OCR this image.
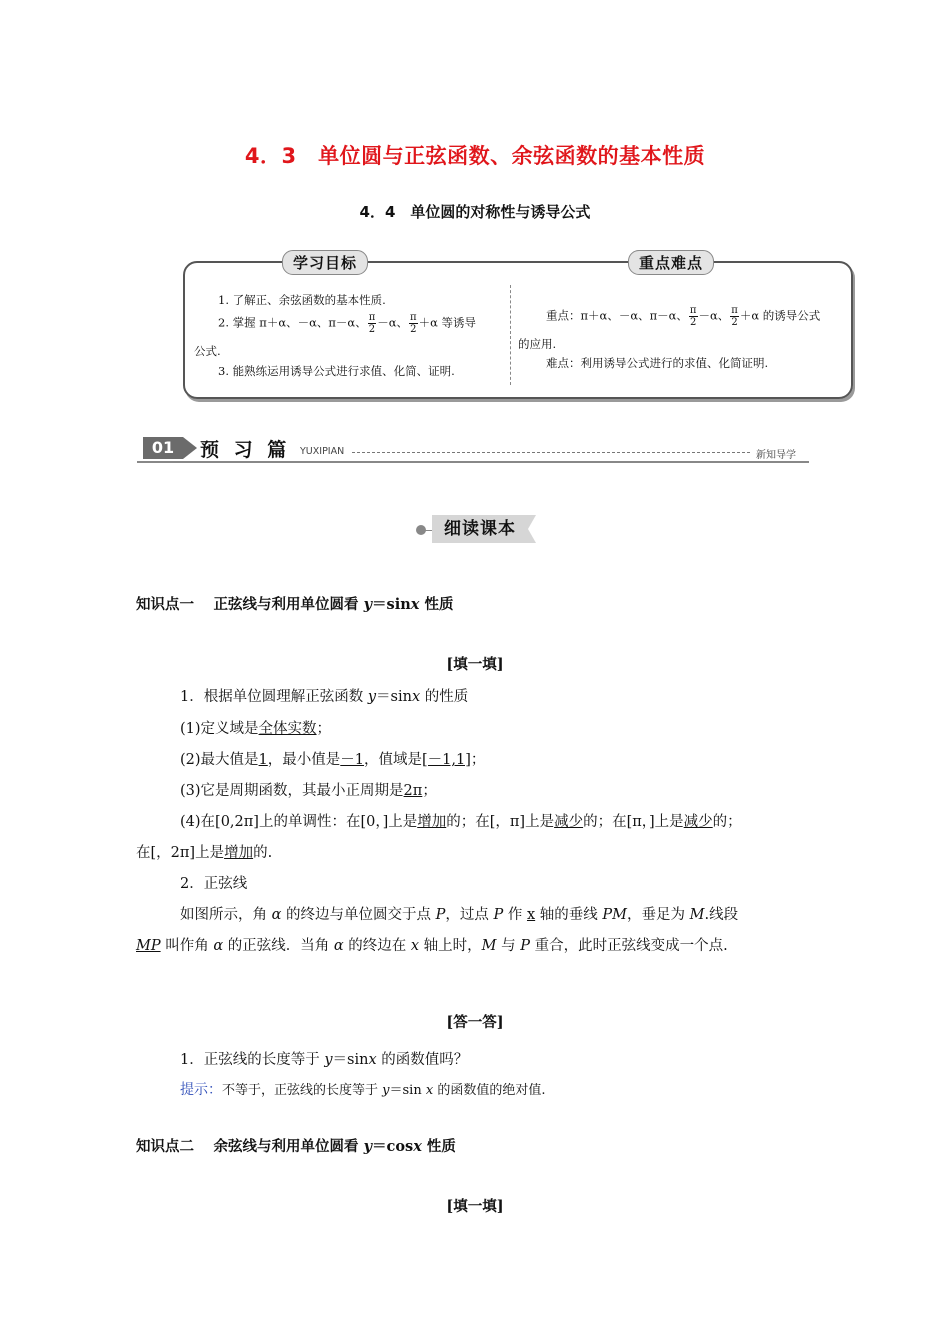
4．3　单位圆与正弦函数、余弦函数的基本性质
4．4　单位圆的对称性与诱导公式
学习目标	重点难点
1. 了解正、余弦函数的基本性质.
2. 掌握 π＋α、－α、π－α、 $\frac{\pi}{2} -\alpha$、 $\frac{\pi}{2} +\alpha$ 等诱导
公式.
3. 能熟练运用诱导公式进行求值、化简、证明.
重点：π＋α、－α、π－α、 $\frac{\pi}{2} -\alpha$、 $\frac{\pi}{2} +\alpha$ 的诱导公式
的应用.
难点：利用诱导公式进行的求值、化简证明.
01	预 习 篇 YUXIPIAN	新知导学
细读课本
知识点一　 正弦线与利用单位圆看 y＝sinx 性质
[填一填]
1．根据单位圆理解正弦函数 y＝sinx 的性质
(1)定义域是全体实数；
(2)最大值是1，最小值是－1，值域是[－1,1]；
(3)它是周期函数，其最小正周期是2π；
(4)在[0,2π]上的单调性：在[0，]上是增加的；在[，π]上是减少的；在[π，]上是减少的；
在[，2π]上是增加的.
2．正弦线
如图所示，角 α 的终边与单位圆交于点 P，过点 P 作 x 轴的垂线 PM，垂足为 M.线段
MP 叫作角 α 的正弦线．当角 α 的终边在 x 轴上时，M 与 P 重合，此时正弦线变成一个点.
[答一答]
1．正弦线的长度等于 y＝sinx 的函数值吗？
提示：不等于，正弦线的长度等于 y＝sin x 的函数值的绝对值.
知识点二　 余弦线与利用单位圆看 y＝cosx 性质
[填一填]
